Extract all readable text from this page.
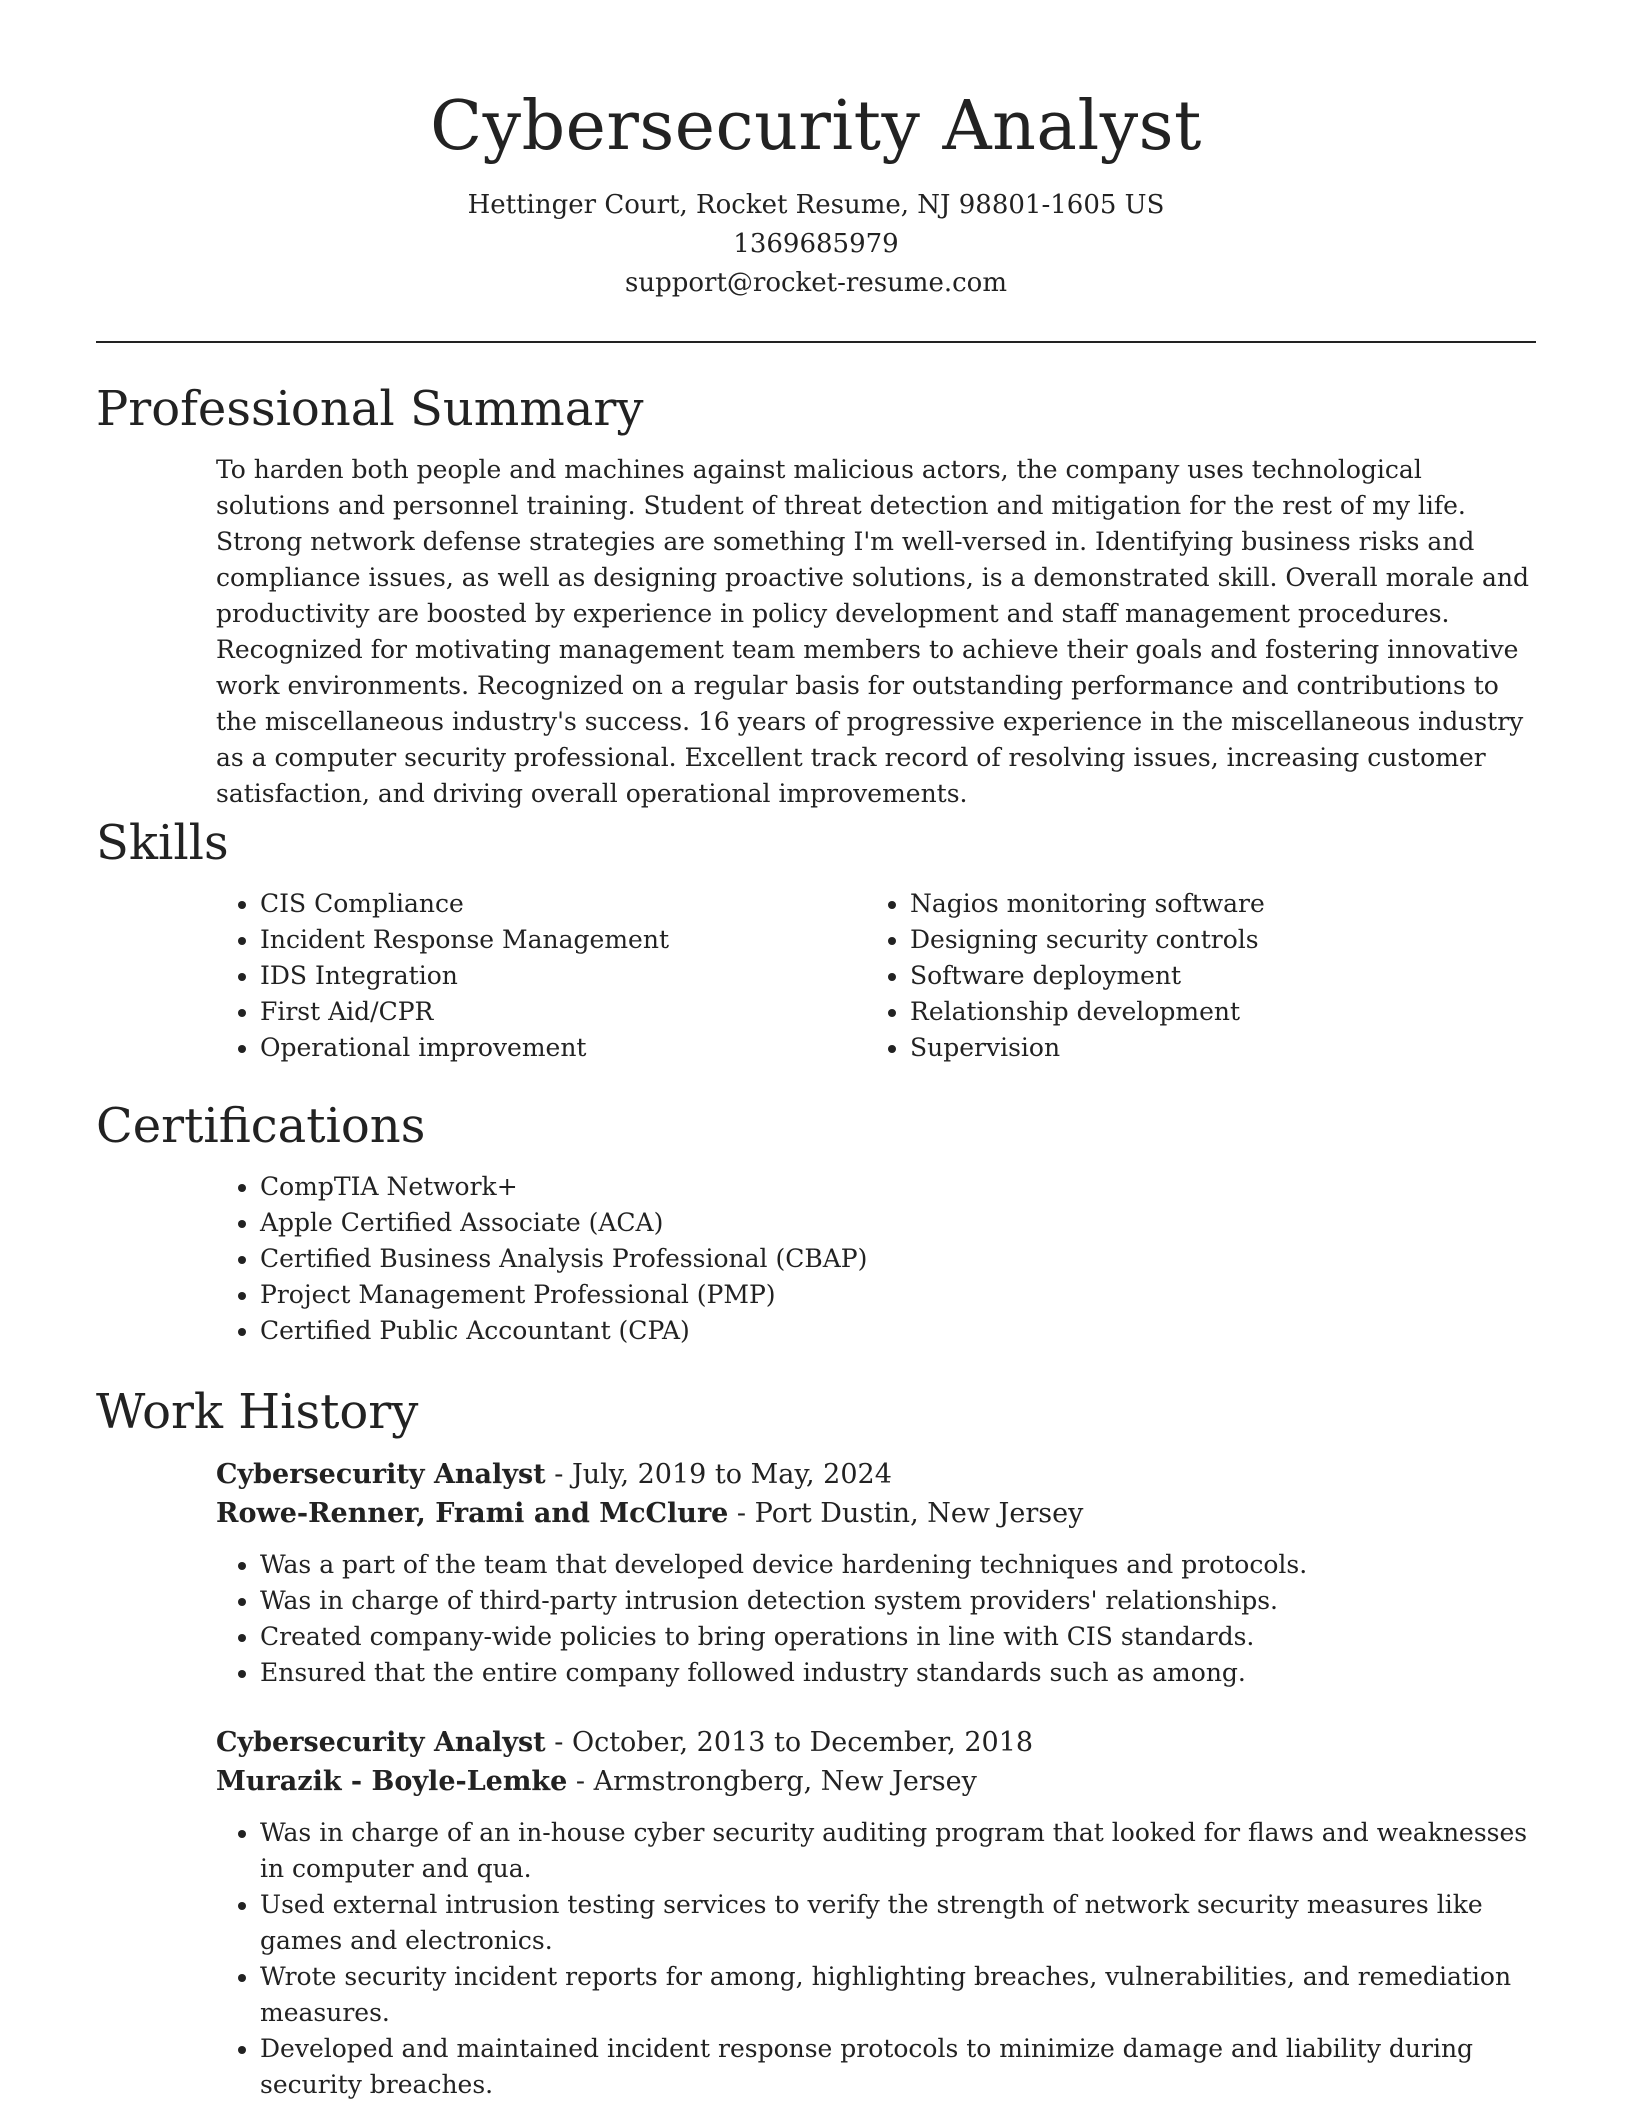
Cybersecurity Analyst
Hettinger Court, Rocket Resume, NJ 98801-1605 US
1369685979
support@rocket-resume.com
Professional Summary

To harden both people and machines against malicious actors, the company uses technological solutions and personnel training. Student of threat detection and mitigation for the rest of my life. Strong network defense strategies are something I'm well-versed in. Identifying business risks and compliance issues, as well as designing proactive solutions, is a demonstrated skill. Overall morale and productivity are boosted by experience in policy development and staff management procedures. Recognized for motivating management team members to achieve their goals and fostering innovative work environments. Recognized on a regular basis for outstanding performance and contributions to the miscellaneous industry's success. 16 years of progressive experience in the miscellaneous industry as a computer security professional. Excellent track record of resolving issues, increasing customer satisfaction, and driving overall operational improvements.

Skills
• CIS Compliance
• Incident Response Management
• IDS Integration
• First Aid/CPR
• Operational improvement
• Nagios monitoring software
• Designing security controls
• Software deployment
• Relationship development
• Supervision
Certifications
• CompTIA Network+
• Apple Certified Associate (ACA)
• Certified Business Analysis Professional (CBAP)
• Project Management Professional (PMP)
• Certified Public Accountant (CPA)
Work History
Cybersecurity Analyst - July, 2019 to May, 2024
Rowe-Renner, Frami and McClure - Port Dustin, New Jersey
• Was a part of the team that developed device hardening techniques and protocols.
• Was in charge of third-party intrusion detection system providers' relationships.
• Created company-wide policies to bring operations in line with CIS standards.
• Ensured that the entire company followed industry standards such as among.
Cybersecurity Analyst - October, 2013 to December, 2018
Murazik - Boyle-Lemke - Armstrongberg, New Jersey
• Was in charge of an in-house cyber security auditing program that looked for flaws and weaknesses in computer and qua.
• Used external intrusion testing services to verify the strength of network security measures like games and electronics.
• Wrote security incident reports for among, highlighting breaches, vulnerabilities, and remediation measures.
• Developed and maintained incident response protocols to minimize damage and liability during security breaches.
